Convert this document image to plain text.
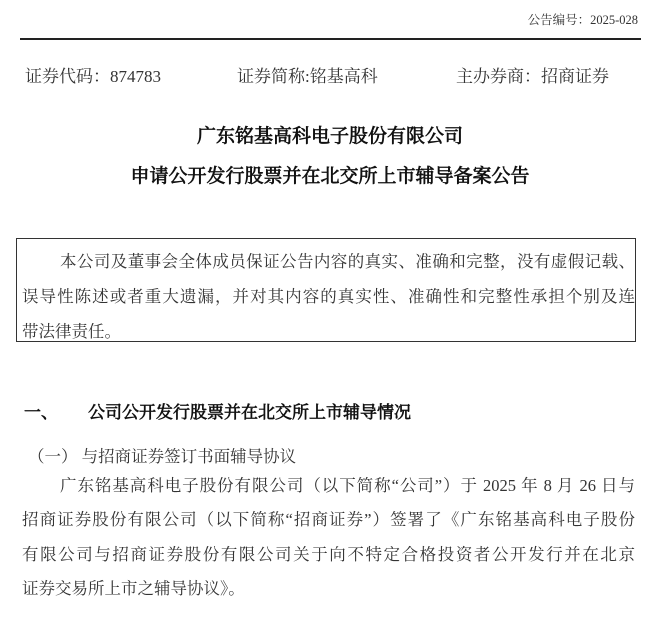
公告编号：2025-028
证券代码：874783	证券简称:铭基高科	主办券商：招商证券
广东铭基高科电子股份有限公司
申请公开发行股票并在北交所上市辅导备案公告
本公司及董事会全体成员保证公告内容的真实、准确和完整，没有虚假记载、
误导性陈述或者重大遗漏，并对其内容的真实性、准确性和完整性承担个别及连
带法律责任。
一、 公司公开发行股票并在北交所上市辅导情况
（一） 与招商证券签订书面辅导协议
广东铭基高科电子股份有限公司（以下简称“公司”）于 2025 年 8 月 26 日与
招商证券股份有限公司（以下简称“招商证券”）签署了《广东铭基高科电子股份
有限公司与招商证券股份有限公司关于向不特定合格投资者公开发行并在北京
证券交易所上市之辅导协议》。
